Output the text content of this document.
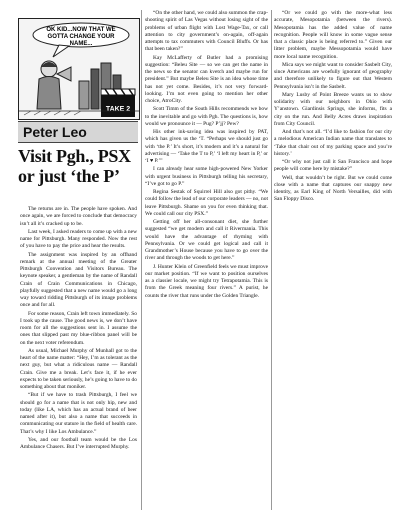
OK KID...NOW THAT WE
GOTTA CHANGE YOUR
NAME...
TAKE 2
Peter Leo
Visit Pgh., PSX or just ‘the P’

The returns are in. The people have spoken. And once again, we are forced to conclude that democracy isn’t all it’s cracked up to be.

Last week, I asked readers to come up with a new name for Pittsburgh. Many responded. Now the rest of you have to pay the price and hear the results.

The assignment was inspired by an offhand remark at the annual meeting of the Greater Pittsburgh Convention and Visitors Bureau. The keynote speaker, a gentleman by the name of Randall Crain of Crain Communications in Chicago, playfully suggested that a new name would go a long way toward ridding Pittsburgh of its image problems once and for all.

For some reason, Crain left town immediately. So I took up the cause. The good news is, we don’t have room for all the suggestions sent in. I assume the ones that slipped past my blue-ribbon panel will be on the next voter referendum.

As usual, Michael Murphy of Munhall got to the heart of the name matter: “Hey, I’m as tolerant as the next guy, but what a ridiculous name — Randall Crain. Give me a break. Let’s face it, if he ever expects to be taken seriously, he’s going to have to do something about that moniker.

“But if we have to trash Pittsburgh, I feel we should go for a name that is not only hip, new and today (like LA, which has an actual brand of beer named after it), but also a name that succeeds in communicating our stature in the field of health care. That’s why I like Los Ambulance.”

Yes, and our football team would be the Los Ambulance Chasers. But I’ve interrupted Murphy.

“On the other hand, we could also summon the crap-shooting spirit of Las Vegas without losing sight of the problems of urban flight with Lost Wage-Tax, or call attention to city government’s on-again, off-again attempts to tax commuters with Council Bluffs. Or has that been taken?”

Kay McLafferty of Butler had a promising suggestion: “Beleu Site — so we can get the name in the news so the senator can kvetch and maybe run for president.” But maybe Beleu Site is an idea whose time has not yet come. Besides, it’s not very forward-looking. I’m not even going to mention her other choice, AtroCity.

Scott Timm of the South Hills recommends we bow to the inevitable and go with Pgh. The questions is, how would we pronounce it — Pug? P’jj? Pew?

His other ink-saving idea was inspired by PAT, which has given us the ‘T. “Perhaps we should just go with ‘the P.’ It’s short, it’s modern and it’s a natural for advertising — ‘Take the T to P,’ ‘I left my heart in P,’ or ‘I ♥ P.’”

I can already hear some high-powered New Yorker with urgent business in Pittsburgh telling his secretary, “I’ve got to go P.”

Regina Sestak of Squirrel Hill also got pithy. “We could follow the lead of our corporate leaders — no, not leave Pittsburgh. Shame on you for even thinking that. We could call our city PSX.”

Getting off her all-consonant diet, she further suggested “we get modern and call it Rivermania. This would have the advantage of rhyming with Pennsylvania. Or we could get logical and call it Grandmother’s House because you have to go over the river and through the woods to get here.”

J. Hunter Klein of Greenfield feels we must improve our market position. “If we want to position ourselves as a classier locale, we might try Tetrapotamia. This is from the Greek meaning four rivers.” A purist, he counts the river that runs under the Golden Triangle.

“Or we could go with the more-what less accurate, Mesopotamia (between the rivers). Mesopotamia has the added value of name recognition. People will know in some vague sense that a classic place is being referred to.” Given our litter problem, maybe Messopotamia would have more local name recognition.

Mica says we might want to consider Sasbelt City, since Americans are woefully ignorant of geography and therefore unlikely to figure out that Western Pennsylvania isn’t in the Sasbelt.

Mary Lusby of Point Breeze wants us to show solidarity with our neighbors in Ohio with Y’anstown. Giardinsis Springs, she informs, fits a city on the run. And Belly Acres draws inspiration from City Council.

And that’s not all. “I’d like to fashion for our city a melodious American Indian name that translates to ‘Take that chair out of my parking space and you’re history.’

“Or why not just call it San Francisco and hope people will come here by mistake?”

Well, that wouldn’t be right. But we could come close with a name that captures our snappy new identity, as Earl King of North Versailles, did with San Floppy Disco.
